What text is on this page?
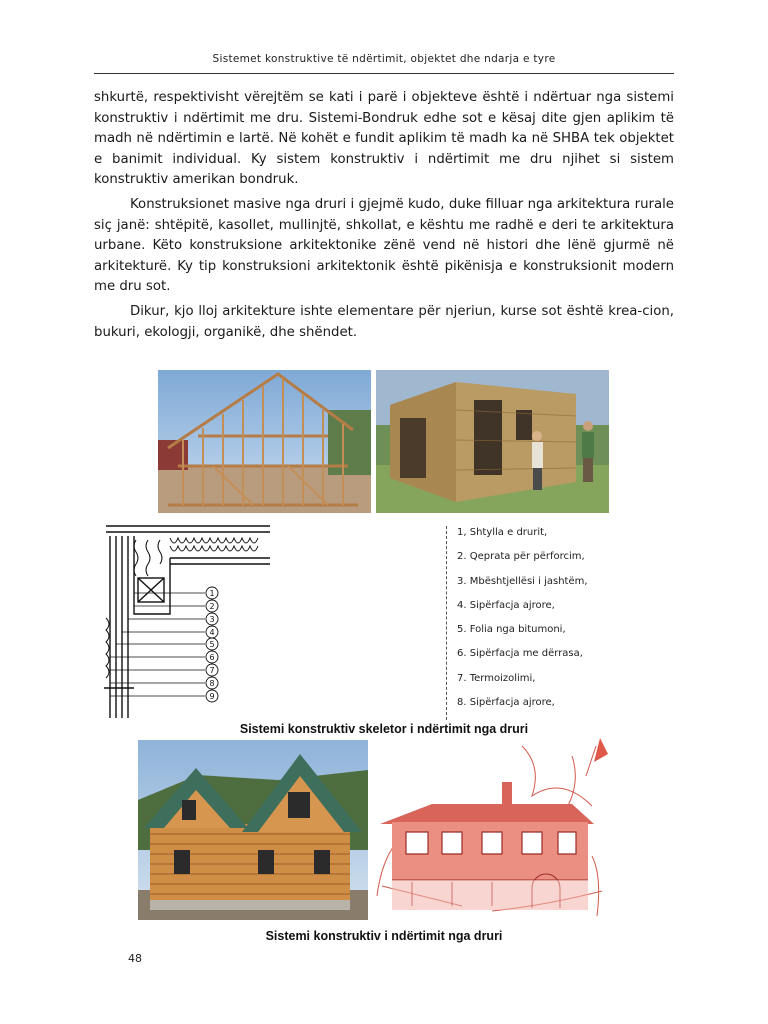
Sistemet konstruktive të ndërtimit, objektet dhe ndarja e tyre

shkurtë, respektivisht vërejtëm se kati i parë i objekteve është i ndërtuar nga sistemi konstruktiv i ndërtimit me dru. Sistemi-Bondruk edhe sot e kësaj dite gjen aplikim të madh në ndërtimin e lartë. Në kohët e fundit aplikim të madh ka në SHBA tek objektet e banimit individual. Ky sistem konstruktiv i ndërtimit me dru njihet si sistem konstruktiv amerikan bondruk.

Konstruksionet masive nga druri i gjejmë kudo, duke filluar nga arkitektura rurale siç janë: shtëpitë, kasollet, mullinjtë, shkollat, e kështu me radhë e deri te arkitektura urbane. Këto konstruksione arkitektonike zënë vend në histori dhe lënë gjurmë në arkitekturë. Ky tip konstruksioni arkitektonik është pikënisja e konstruksionit modern me dru sot.

Dikur, kjo lloj arkitekture ishte elementare për njeriun, kurse sot është krea-cion, bukuri, ekologji, organikë, dhe shëndet.

1
2
3
4
5
6
7
8
9
1, Shtylla e drurit,
2. Qeprata për përforcim,
3. Mbështjellësi i jashtëm,
4. Sipërfacja ajrore,
5. Folia nga bitumoni,
6. Sipërfacja me dërrasa,
7. Termoizolimi,
8. Sipërfacja ajrore,
Sistemi konstruktiv skeletor i ndërtimit nga druri
Sistemi konstruktiv i ndërtimit nga druri
48
